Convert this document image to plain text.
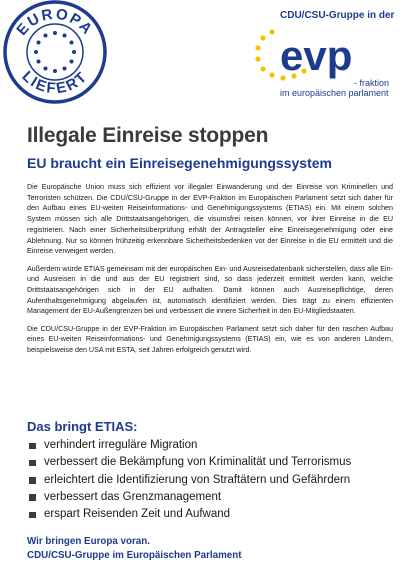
EUROPA
LIEFERT
CDU/CSU-Gruppe in der
evp
- fraktion
im europäischen parlament
Illegale Einreise stoppen
EU braucht ein Einreisegenehmigungssystem

Die Europäische Union muss sich effizient vor illegaler Einwanderung und der Einreise von Kriminellen und Terroristen schützen. Die CDU/CSU-Gruppe in der EVP-Fraktion im Europäischen Parlament setzt sich daher für den Aufbau eines EU-weiten Reiseinformations- und Genehmigungssystems (ETIAS) ein. Mit einem solchen System müssen sich alle Drittstaatsangehörigen, die visumsfrei reisen können, vor ihrer Einreise in die EU registrieren. Nach einer Sicherheitsüberprüfung erhält der Antragsteller eine Einreisegenehmigung oder eine Ablehnung. Nur so können frühzeitig erkennbare Sicherheitsbedenken vor der Einreise in die EU ermittelt und die Einreise verweigert werden.

Außerdem würde ETIAS gemeinsam mit der europäischen Ein- und Ausreisedatenbank sicherstellen, dass alle Ein- und Ausreisen in die und aus der EU registriert sind, so dass jederzeit ermittelt werden kann, welche Drittstaatsangehörigen sich in der EU aufhalten. Damit können auch Ausreisepflichtige, deren Aufenthaltsgenehmigung abgelaufen ist, automatisch identifiziert werden. Dies trägt zu einem effizienten Management der EU-Außengrenzen bei und verbessert die innere Sicherheit in den EU-Mitgliedstaaten.

Die CDU/CSU-Gruppe in der EVP-Fraktion im Europäischen Parlament setzt sich daher für den raschen Aufbau eines EU-weiten Reiseinformations- und Genehmigungssystems (ETIAS) ein, wie es von anderen Ländern, beispielsweise den USA mit ESTA, seit Jahren erfolgreich genutzt wird.

Das bringt ETIAS:
verhindert irreguläre Migration
verbessert die Bekämpfung von Kriminalität und Terrorismus
erleichtert die Identifizierung von Straftätern und Gefährdern
verbessert das Grenzmanagement
erspart Reisenden Zeit und Aufwand
Wir bringen Europa voran.
CDU/CSU-Gruppe im Europäischen Parlament
